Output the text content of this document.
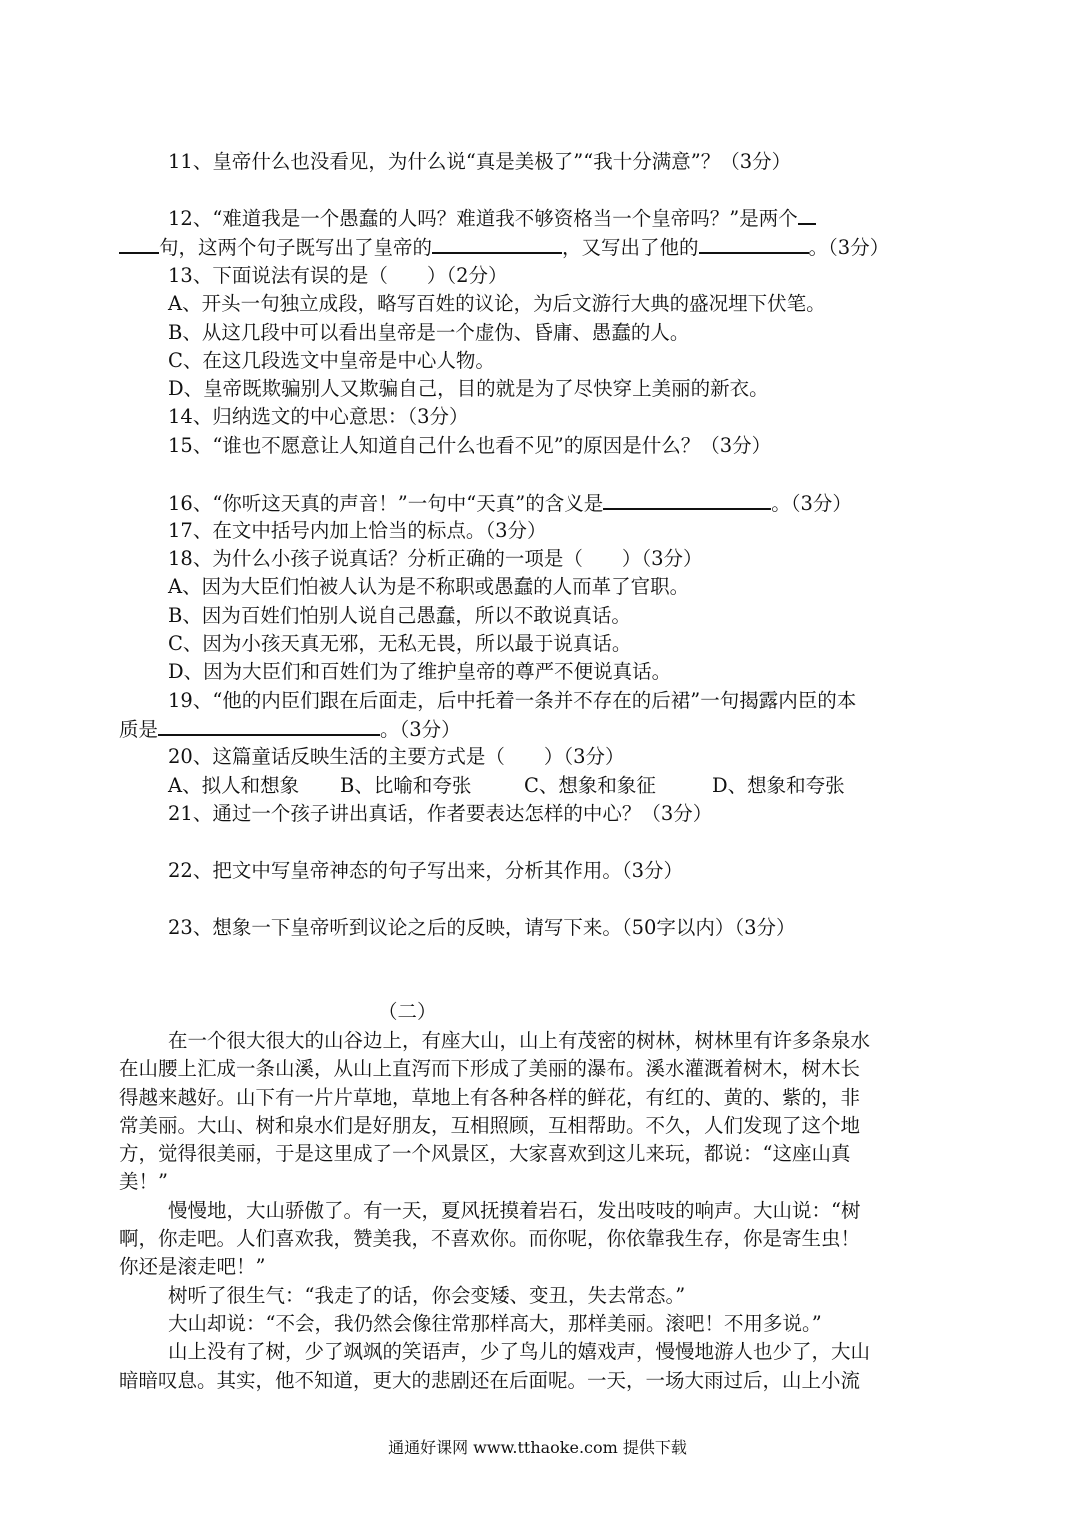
11、皇帝什么也没看见，为什么说“真是美极了”“我十分满意”？（3分）
12、“难道我是一个愚蠢的人吗？难道我不够资格当一个皇帝吗？”是两个
句，这两个句子既写出了皇帝的	，又写出了他的	。（3分）
13、下面说法有误的是（　　）（2分）
A、开头一句独立成段，略写百姓的议论，为后文游行大典的盛况埋下伏笔。
B、从这几段中可以看出皇帝是一个虚伪、昏庸、愚蠢的人。
C、在这几段选文中皇帝是中心人物。
D、皇帝既欺骗别人又欺骗自己，目的就是为了尽快穿上美丽的新衣。
14、归纳选文的中心意思：（3分）
15、“谁也不愿意让人知道自己什么也看不见”的原因是什么？（3分）
16、“你听这天真的声音！”一句中“天真”的含义是	。（3分）
17、在文中括号内加上恰当的标点。（3分）
18、为什么小孩子说真话？分析正确的一项是（　　）（3分）
A、因为大臣们怕被人认为是不称职或愚蠢的人而革了官职。
B、因为百姓们怕别人说自己愚蠢，所以不敢说真话。
C、因为小孩天真无邪，无私无畏，所以最于说真话。
D、因为大臣们和百姓们为了维护皇帝的尊严不便说真话。
19、“他的内臣们跟在后面走，后中托着一条并不存在的后裙”一句揭露内臣的本
质是	。（3分）
20、这篇童话反映生活的主要方式是（　　）（3分）
A、拟人和想象 B、比喻和夸张	C、想象和象征	D、想象和夸张
21、通过一个孩子讲出真话，作者要表达怎样的中心？（3分）
22、把文中写皇帝神态的句子写出来，分析其作用。（3分）
23、想象一下皇帝听到议论之后的反映，请写下来。（50字以内）（3分）
（二）
在一个很大很大的山谷边上，有座大山，山上有茂密的树林，树林里有许多条泉水
在山腰上汇成一条山溪，从山上直泻而下形成了美丽的瀑布。溪水灌溉着树木，树木长
得越来越好。山下有一片片草地，草地上有各种各样的鲜花，有红的、黄的、紫的，非
常美丽。大山、树和泉水们是好朋友，互相照顾，互相帮助。不久，人们发现了这个地
方，觉得很美丽，于是这里成了一个风景区，大家喜欢到这儿来玩，都说：“这座山真
美！”
慢慢地，大山骄傲了。有一天，夏风抚摸着岩石，发出吱吱的响声。大山说：“树
啊，你走吧。人们喜欢我，赞美我，不喜欢你。而你呢，你依靠我生存，你是寄生虫！
你还是滚走吧！”
树听了很生气：“我走了的话，你会变矮、变丑，失去常态。”
大山却说：“不会，我仍然会像往常那样高大，那样美丽。滚吧！不用多说。”
山上没有了树，少了飒飒的笑语声，少了鸟儿的嬉戏声，慢慢地游人也少了，大山
暗暗叹息。其实，他不知道，更大的悲剧还在后面呢。一天，一场大雨过后，山上小流
通通好课网 www.tthaoke.com 提供下载
